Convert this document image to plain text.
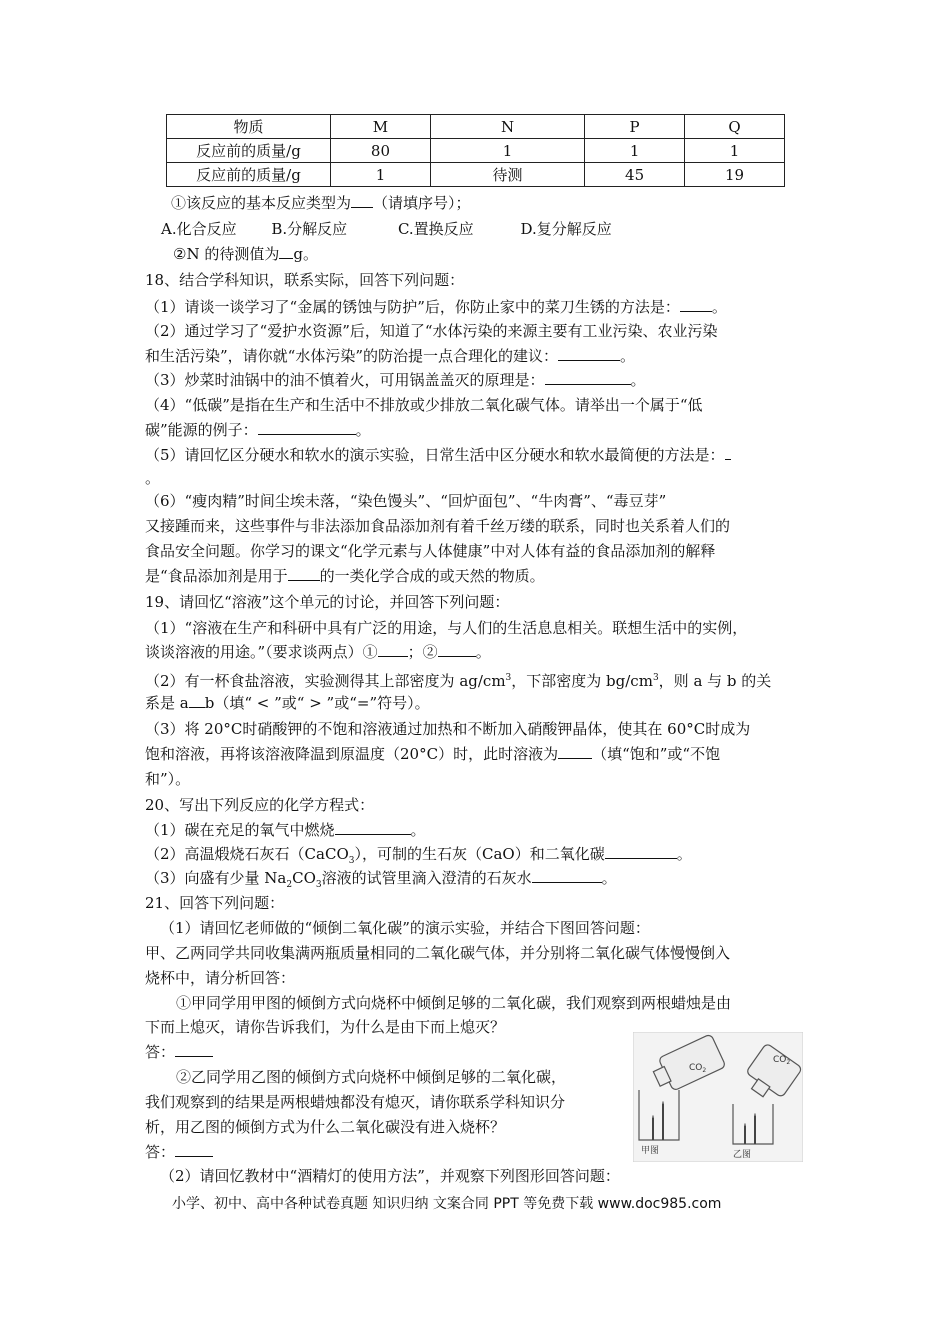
物质	M	N	P	Q
反应前的质量/g	80	1	1	1
反应前的质量/g	1	待测	45	19
①该反应的基本反应类型为 （请填序号）；
A.化合反应 B.分解反应	C.置换反应	D.复分解反应
②N 的待测值为 g。
18、结合学科知识，联系实际，回答下列问题：
（1）请谈一谈学习了“金属的锈蚀与防护”后，你防止家中的菜刀生锈的方法是： 。
（2）通过学习了“爱护水资源”后，知道了“水体污染的来源主要有工业污染、农业污染
和生活污染”，请你就“水体污染”的防治提一点合理化的建议：	。
（3）炒菜时油锅中的油不慎着火，可用锅盖盖灭的原理是：	。
（4）“低碳”是指在生产和生活中不排放或少排放二氧化碳气体。请举出一个属于“低
碳”能源的例子：	。
（5）请回忆区分硬水和软水的演示实验，日常生活中区分硬水和软水最简便的方法是：
。
（6）“瘦肉精”时间尘埃未落，“染色馒头”、“回炉面包”、“牛肉膏”、“毒豆芽”
又接踵而来，这些事件与非法添加食品添加剂有着千丝万缕的联系，同时也关系着人们的
食品安全问题。你学习的课文“化学元素与人体健康”中对人体有益的食品添加剂的解释
是“食品添加剂是用于 的一类化学合成的或天然的物质。
19、请回忆“溶液”这个单元的讨论，并回答下列问题：
（1）“溶液在生产和科研中具有广泛的用途，与人们的生活息息相关。联想生活中的实例，
谈谈溶液的用途。”（要求谈两点）① ；②	。
（2）有一杯食盐溶液，实验测得其上部密度为 $ag/cm^3$，下部密度为 $bg/cm^3$，则 a 与 b 的关
系是 a b（填“ < ”或“ > ”或“=”符号）。
（3）将 20°C时硝酸钾的不饱和溶液通过加热和不断加入硝酸钾晶体，使其在 60°C时成为
饱和溶液，再将该溶液降温到原温度（20°C）时，此时溶液为 （填“饱和”或“不饱
和”）。
20、写出下列反应的化学方程式：
（1）碳在充足的氧气中燃烧	。
（2）高温煅烧石灰石（CaCO$_3$），可制的生石灰（CaO）和二氧化碳	。
（3）向盛有少量 $Na_2CO_3$溶液的试管里滴入澄清的石灰水	。
21、回答下列问题：
（1）请回忆老师做的“倾倒二氧化碳”的演示实验，并结合下图回答问题：
甲、乙两同学共同收集满两瓶质量相同的二氧化碳气体，并分别将二氧化碳气体慢慢倒入
烧杯中，请分析回答：
①甲同学用甲图的倾倒方式向烧杯中倾倒足够的二氧化碳，我们观察到两根蜡烛是由
下而上熄灭，请你告诉我们，为什么是由下而上熄灭？
答：
②乙同学用乙图的倾倒方式向烧杯中倾倒足够的二氧化碳，
我们观察到的结果是两根蜡烛都没有熄灭，请你联系学科知识分
析，用乙图的倾倒方式为什么二氧化碳没有进入烧杯？
答：
（2）请回忆教材中“酒精灯的使用方法”，并观察下列图形回答问题：
$CO_2$
$CO_2$
甲图	乙图
小学、初中、高中各种试卷真题 知识归纳 文案合同 PPT 等免费下载 www.doc985.com
